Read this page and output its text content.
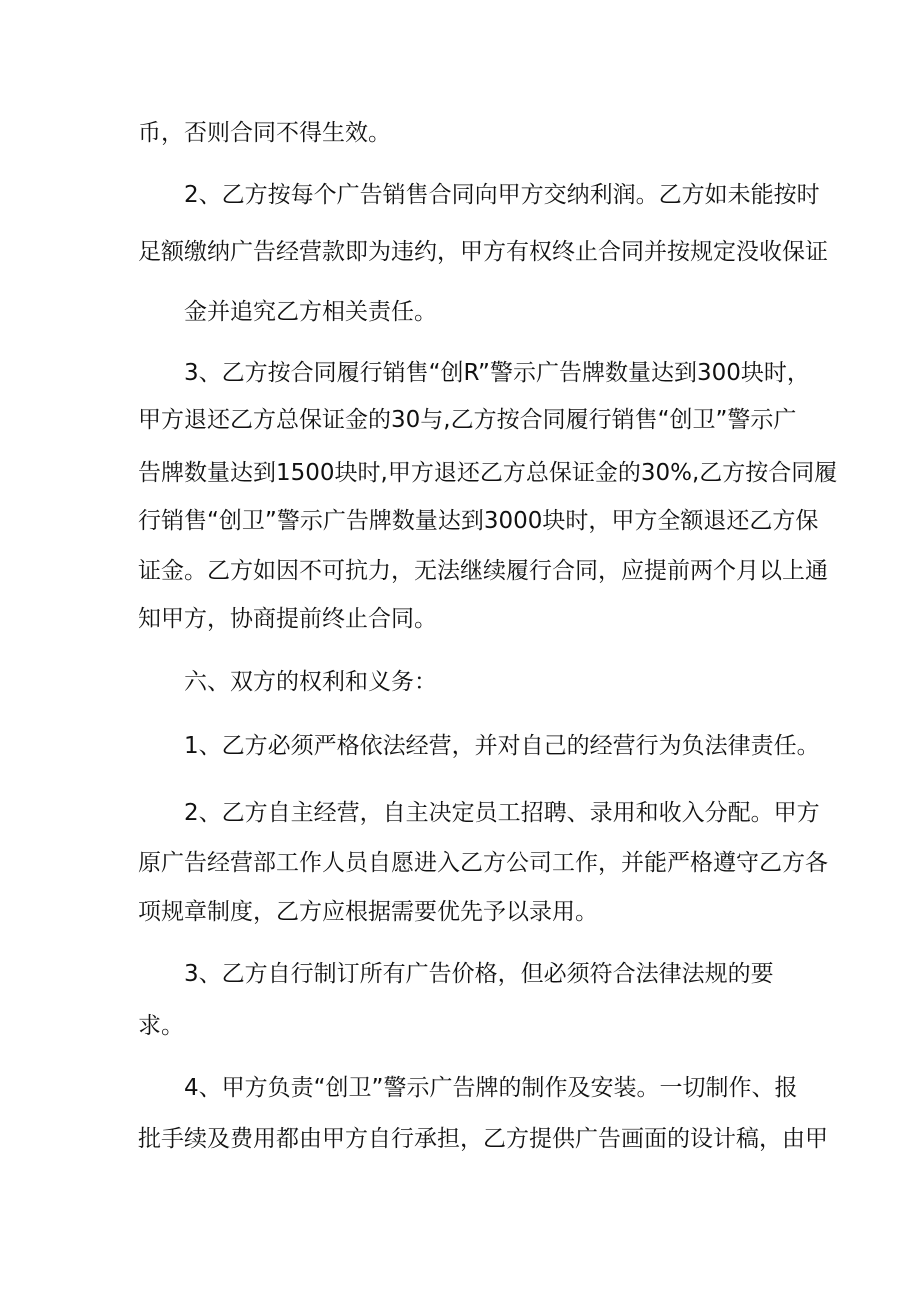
币，否则合同不得生效。

2、乙方按每个广告销售合同向甲方交纳利润。乙方如未能按时

足额缴纳广告经营款即为违约，甲方有权终止合同并按规定没收保证

金并追究乙方相关责任。

3、乙方按合同履行销售“创R”警示广告牌数量达到300块时，

甲方退还乙方总保证金的30与,乙方按合同履行销售“创卫”警示广

告牌数量达到1500块时,甲方退还乙方总保证金的30%,乙方按合同履

行销售“创卫”警示广告牌数量达到3000块时，甲方全额退还乙方保

证金。乙方如因不可抗力，无法继续履行合同，应提前两个月以上通

知甲方，协商提前终止合同。

六、双方的权利和义务：

1、乙方必须严格依法经营，并对自己的经营行为负法律责任。

2、乙方自主经营，自主决定员工招聘、录用和收入分配。甲方

原广告经营部工作人员自愿进入乙方公司工作，并能严格遵守乙方各

项规章制度，乙方应根据需要优先予以录用。

3、乙方自行制订所有广告价格，但必须符合法律法规的要

求。

4、甲方负责“创卫”警示广告牌的制作及安装。一切制作、报

批手续及费用都由甲方自行承担，乙方提供广告画面的设计稿，由甲
